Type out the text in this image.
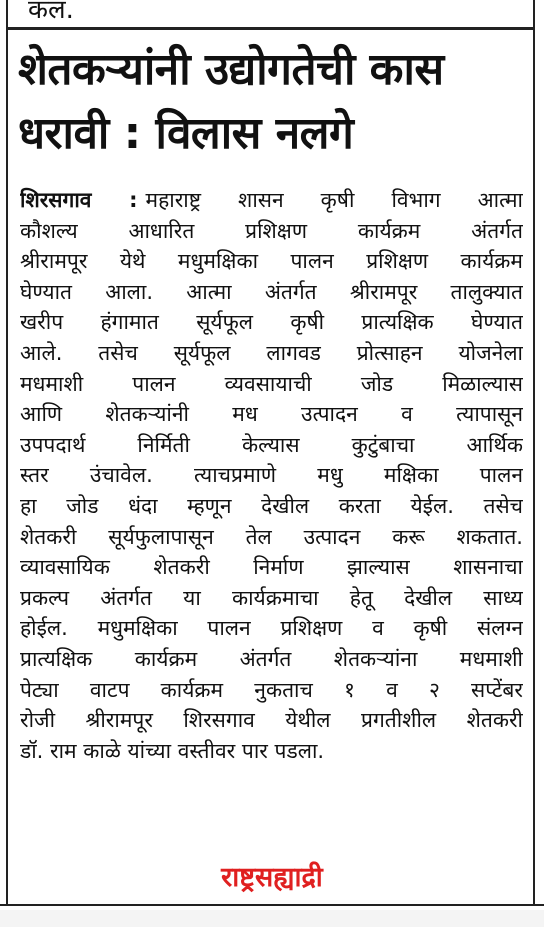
कल.
शेतकऱ्यांनी उद्योगतेची कास
धरावी : विलास नलगे
शिरसगाव : महाराष्ट्र शासन कृषी विभाग आत्मा
कौशल्य आधारित प्रशिक्षण कार्यक्रम अंतर्गत
श्रीरामपूर येथे मधुमक्षिका पालन प्रशिक्षण कार्यक्रम
घेण्यात आला. आत्मा अंतर्गत श्रीरामपूर तालुक्यात
खरीप हंगामात सूर्यफूल कृषी प्रात्यक्षिक घेण्यात
आले. तसेच सूर्यफूल लागवड प्रोत्साहन योजनेला
मधमाशी पालन व्यवसायाची जोड मिळाल्यास
आणि शेतकऱ्यांनी मध उत्पादन व त्यापासून
उपपदार्थ निर्मिती केल्यास कुटुंबाचा आर्थिक
स्तर उंचावेल. त्याचप्रमाणे मधु मक्षिका पालन
हा जोड धंदा म्हणून देखील करता येईल. तसेच
शेतकरी सूर्यफुलापासून तेल उत्पादन करू शकतात.
व्यावसायिक शेतकरी निर्माण झाल्यास शासनाचा
प्रकल्प अंतर्गत या कार्यक्रमाचा हेतू देखील साध्य
होईल. मधुमक्षिका पालन प्रशिक्षण व कृषी संलग्न
प्रात्यक्षिक कार्यक्रम अंतर्गत शेतकऱ्यांना मधमाशी
पेट्या वाटप कार्यक्रम नुकताच १ व २ सप्टेंबर
रोजी श्रीरामपूर शिरसगाव येथील प्रगतीशील शेतकरी
डॉ. राम काळे यांच्या वस्तीवर पार पडला.
राष्ट्रसह्याद्री
